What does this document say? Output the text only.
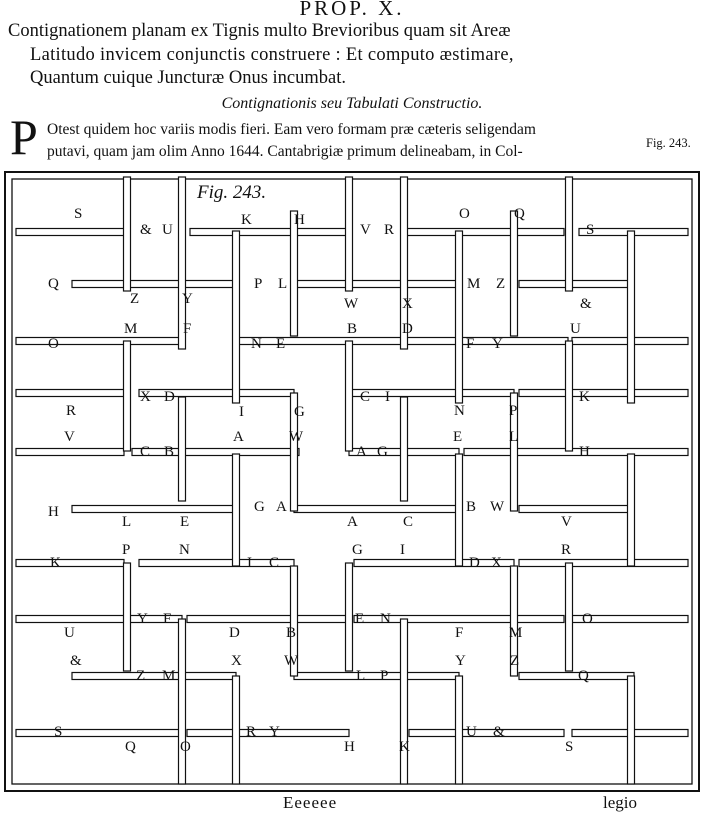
PROP. X.
Contignationem planam ex Tignis multo Brevioribus quam sit Areæ
Latitudo invicem conjunctis construere : Et computo æstimare,
Quantum cuique Juncturæ Onus incumbat.
Contignationis seu Tabulati Constructio.
P Otest quidem hoc variis modis fieri. Eam vero formam præ cæteris seligendam
putavi, quam jam olim Anno 1644. Cantabrigiæ primum delineabam, in Col-	Fig. 243.
S
& U
K	H
V R
O	Q
S
Q
Z	Y
P L
W	X
M Z
&
M	F	B	D	U
O	N E	F Y
X D
R	I	G
C I
N	P
K
V
C
A	W
B	A G
E	L
H
H	G A	B W
L	E	A	C	V
P	N	G I	R
K	I C	D X
Y F	E N	O
U	D	B	F	M
&	X	W	Y	Z
Z M	L P	Q
S	R Y	U &
Q	O	H	K	S
Fig. 243.
Eeeeee	legio
